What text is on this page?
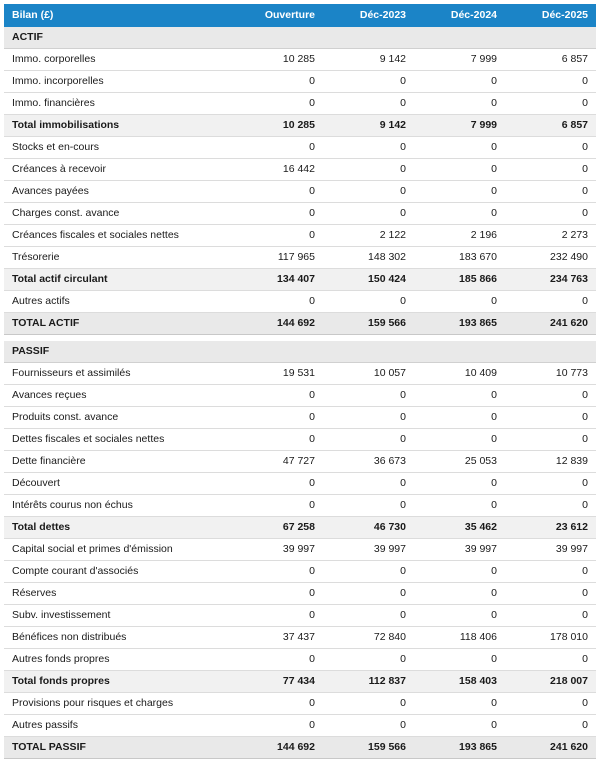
Bilan (£)	Ouverture	Déc-2023	Déc-2024	Déc-2025
ACTIF				
Immo. corporelles	10 285	9 142	7 999	6 857
Immo. incorporelles	0	0	0	0
Immo. financières	0	0	0	0
Total immobilisations	10 285	9 142	7 999	6 857
Stocks et en-cours	0	0	0	0
Créances à recevoir	16 442	0	0	0
Avances payées	0	0	0	0
Charges const. avance	0	0	0	0
Créances fiscales et sociales nettes	0	2 122	2 196	2 273
Trésorerie	117 965	148 302	183 670	232 490
Total actif circulant	134 407	150 424	185 866	234 763
Autres actifs	0	0	0	0
TOTAL ACTIF	144 692	159 566	193 865	241 620

PASSIF				
Fournisseurs et assimilés	19 531	10 057	10 409	10 773
Avances reçues	0	0	0	0
Produits const. avance	0	0	0	0
Dettes fiscales et sociales nettes	0	0	0	0
Dette financière	47 727	36 673	25 053	12 839
Découvert	0	0	0	0
Intérêts courus non échus	0	0	0	0
Total dettes	67 258	46 730	35 462	23 612
Capital social et primes d'émission	39 997	39 997	39 997	39 997
Compte courant d'associés	0	0	0	0
Réserves	0	0	0	0
Subv. investissement	0	0	0	0
Bénéfices non distribués	37 437	72 840	118 406	178 010
Autres fonds propres	0	0	0	0
Total fonds propres	77 434	112 837	158 403	218 007
Provisions pour risques et charges	0	0	0	0
Autres passifs	0	0	0	0
TOTAL PASSIF	144 692	159 566	193 865	241 620
